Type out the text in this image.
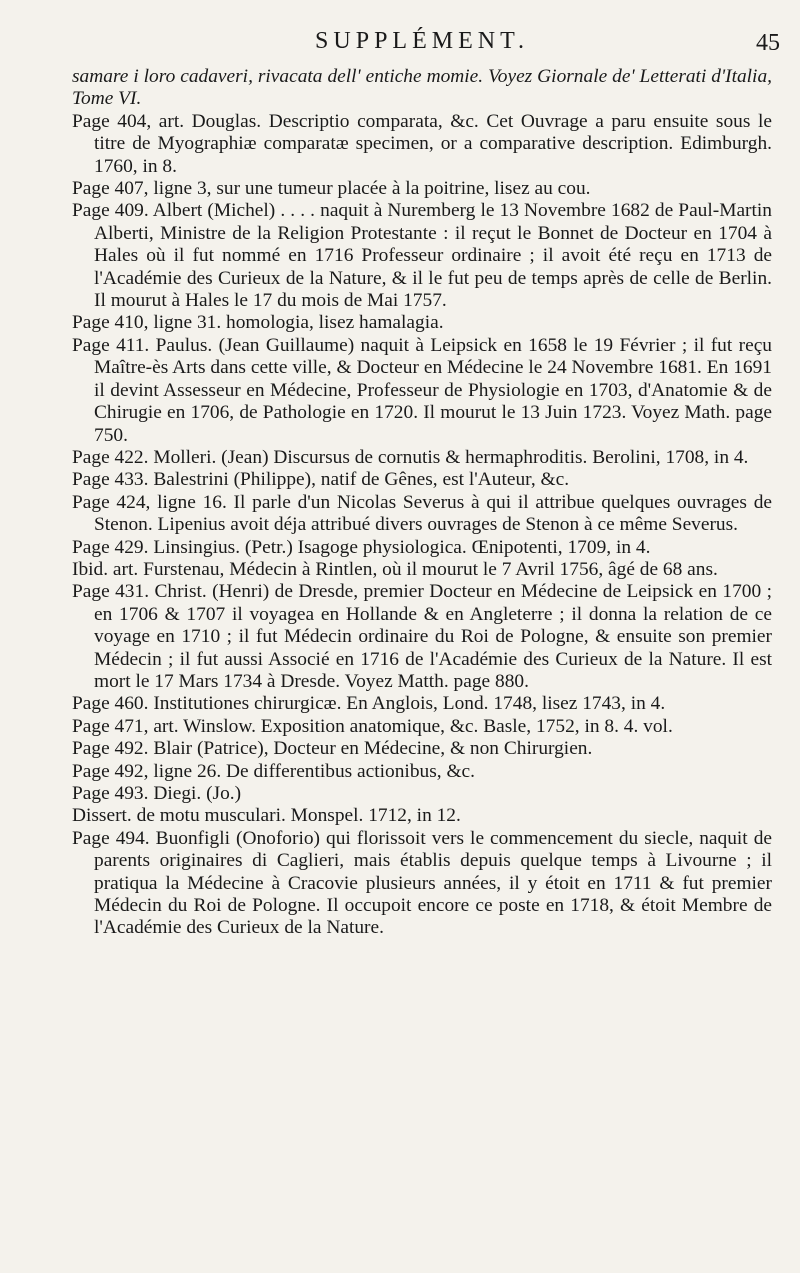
SUPPLÉMENT.	45

samare i loro cadaveri, rivacata dell' entiche momie. Voyez Giornale de' Letterati d'Italia, Tome VI.

Page 404, art. Douglas. Descriptio comparata, &c. Cet Ouvrage a paru ensuite sous le titre de Myographiæ comparatæ specimen, or a comparative description. Edimburgh. 1760, in 8.

Page 407, ligne 3, sur une tumeur placée à la poitrine, lisez au cou.

Page 409. Albert (Michel) . . . . naquit à Nuremberg le 13 Novembre 1682 de Paul-Martin Alberti, Ministre de la Religion Protestante : il reçut le Bonnet de Docteur en 1704 à Hales où il fut nommé en 1716 Professeur ordinaire ; il avoit été reçu en 1713 de l'Académie des Curieux de la Nature, & il le fut peu de temps après de celle de Berlin. Il mourut à Hales le 17 du mois de Mai 1757.

Page 410, ligne 31. homologia, lisez hamalagia.

Page 411. Paulus. (Jean Guillaume) naquit à Leipsick en 1658 le 19 Février ; il fut reçu Maître-ès Arts dans cette ville, & Docteur en Médecine le 24 Novembre 1681. En 1691 il devint Assesseur en Médecine, Professeur de Physiologie en 1703, d'Anatomie & de Chirugie en 1706, de Pathologie en 1720. Il mourut le 13 Juin 1723. Voyez Math. page 750.

Page 422. Molleri. (Jean) Discursus de cornutis & hermaphroditis. Berolini, 1708, in 4.

Page 433. Balestrini (Philippe), natif de Gênes, est l'Auteur, &c.

Page 424, ligne 16. Il parle d'un Nicolas Severus à qui il attribue quelques ouvrages de Stenon. Lipenius avoit déja attribué divers ouvrages de Stenon à ce même Severus.

Page 429. Linsingius. (Petr.) Isagoge physiologica. Œnipotenti, 1709, in 4.

Ibid. art. Furstenau, Médecin à Rintlen, où il mourut le 7 Avril 1756, âgé de 68 ans.

Page 431. Christ. (Henri) de Dresde, premier Docteur en Médecine de Leipsick en 1700 ; en 1706 & 1707 il voyagea en Hollande & en Angleterre ; il donna la relation de ce voyage en 1710 ; il fut Médecin ordinaire du Roi de Pologne, & ensuite son premier Médecin ; il fut aussi Associé en 1716 de l'Académie des Curieux de la Nature. Il est mort le 17 Mars 1734 à Dresde. Voyez Matth. page 880.

Page 460. Institutiones chirurgicæ. En Anglois, Lond. 1748, lisez 1743, in 4.

Page 471, art. Winslow. Exposition anatomique, &c. Basle, 1752, in 8. 4. vol.

Page 492. Blair (Patrice), Docteur en Médecine, & non Chirurgien.

Page 492, ligne 26. De differentibus actionibus, &c.

Page 493. Diegi. (Jo.)

Dissert. de motu musculari. Monspel. 1712, in 12.

Page 494. Buonfigli (Onoforio) qui florissoit vers le commencement du siecle, naquit de parents originaires di Caglieri, mais établis depuis quelque temps à Livourne ; il pratiqua la Médecine à Cracovie plusieurs années, il y étoit en 1711 & fut premier Médecin du Roi de Pologne. Il occupoit encore ce poste en 1718, & étoit Membre de l'Académie des Curieux de la Nature.
